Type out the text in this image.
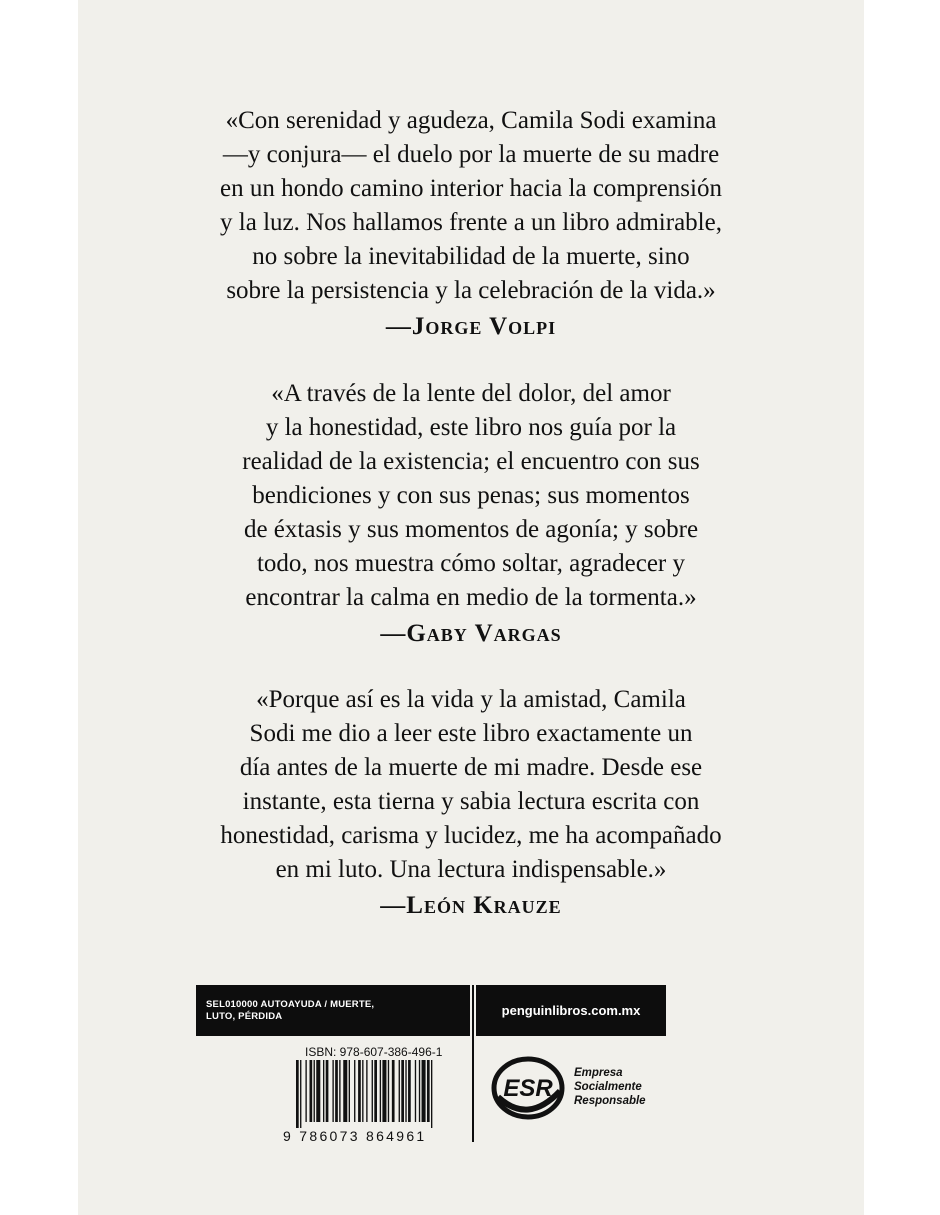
«Con serenidad y agudeza, Camila Sodi examina
—y conjura— el duelo por la muerte de su madre
en un hondo camino interior hacia la comprensión
y la luz. Nos hallamos frente a un libro admirable,
no sobre la inevitabilidad de la muerte, sino
sobre la persistencia y la celebración de la vida.»
—Jorge Volpi
«A través de la lente del dolor, del amor
y la honestidad, este libro nos guía por la
realidad de la existencia; el encuentro con sus
bendiciones y con sus penas; sus momentos
de éxtasis y sus momentos de agonía; y sobre
todo, nos muestra cómo soltar, agradecer y
encontrar la calma en medio de la tormenta.»
—Gaby Vargas
«Porque así es la vida y la amistad, Camila
Sodi me dio a leer este libro exactamente un
día antes de la muerte de mi madre. Desde ese
instante, esta tierna y sabia lectura escrita con
honestidad, carisma y lucidez, me ha acompañado
en mi luto. Una lectura indispensable.»
—León Krauze
SEL010000 AUTOAYUDA / MUERTE,
LUTO, PÉRDIDA	penguinlibros.com.mx
ISBN: 978-607-386-496-1
9 786073 864961
ESR
Empresa
Socialmente
Responsable
